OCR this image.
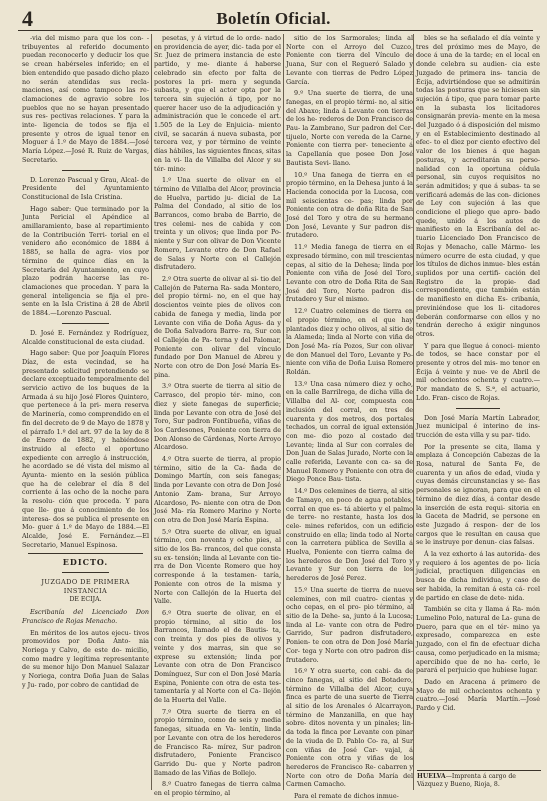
4	Boletín Oficial.

-via del mismo para que los con- -tribuyentes al referido documento puedan reconocerlo y deducir los que se crean habérseles inferido; en el bien entendido que pasado dicho plazo no serán atendidas sus recla- maciones, así como tampoco las re- clamaciones de agravio sobre los pueblos que no se hayan presentado sus res- pectivas relaciones. Y para la inte- ligencia de todos se fija el presente y otros de igual tenor en Moguer á 1.º de Mayo de 1884.—José María López.—José R. Ruiz de Vargas, Secretario.

D. Lorenzo Pascual y Grau, Alcal- de Presidente del Ayuntamiento Constitucional de Isla Cristina.

Hago saber: Que terminado por la Junta Pericial el Apéndice al amillaramiento, base al repartimiento de la Contribución Terri- torial en el venidero año económico de 1884 á 1885, se halla de agra- vios por término de quince días en la Secretaría del Ayuntamiento, en cuyo plazo podrán hacerse las re- clamaciones que procedan. Y para la general inteligencia se fija el pre- sente en la Isla Cristina á 28 de Abril de 1884.—Lorenzo Pascual.

D. José E. Fernández y Rodríguez, Alcalde constitucional de esta ciudad.

Hago saber: Que por Joaquín Flores Díaz, de esta vecindad, se ha presentado solicitud pretendiendo se declare exceptuado temporalmente del servicio activo de los buques de la Armada á su hijo José Flores Quintero, que pertenece á la pri- mera reserva de Marinería, como comprendido en el fin del decreto de 9 de Mayo de 1878 y el párrafo 1.º del art. 97 de la ley de 8 de Enero de 1882, y habiéndose instruido al efecto el oportuno expediente con arreglo á instrucción, he acordado se dé vista del mismo al Ayunta- miento en la sesión pública que ha de celebrar el día 8 del corriente á las ocho de la noche para la resolu- ción que proceda. Y para que lle- gue á conocimiento de los interesa- dos se publica el presente en Mo- guer á 1.º de Mayo de 1884.—El Alcalde, José E. Fernández.—El Secretario, Manuel Espinosa.

EDICTO.
JUZGADO DE PRIMERA INSTANCIA
DE ECIJA.

Escribanía del Licenciado Don Francisco de Rojas Menacho.

En méritos de los autos ejecu- tivos promovidos por Doña Anto- nia Noriega y Calvo, de este do- micilio, como madre y legítima representante de su menor hijo Don Manuel Salazar y Noriega, contra Doña Juan de Salas y Ju- rado, por cobro de cantidad de

pesetas, y á virtud de lo orde- nado en providencia de ayer, dic- tada por el Sr. Juez de primera instancia de este partido, y me- diante á haberse celebrado sin efecto por falta de postores la pri- mera y segunda subasta, y que el actor opta por la tercera sin sujeción á tipo, por no querer hacer uso de la adjudicación y administración que le concede el art. 1.505 de la Ley de Enjuicia- miento civil, se sacarán á nueva subasta, por tercera vez, y por término de veinte días hábiles, las siguientes fincas, sitas en la vi- lla de Villalba del Alcor y su tér- mino:

1.º Una suerte de olivar en el término de Villalba del Alcor, provincia de Huelva, partido ju- dicial de La Palma del Condado, al sitio de los Barrancos, como braba de Barrio, de tres celemi- nes de cabida y con treinta y un olivos; que linda por Po- niente y Sur con olivar de Don Vicente Romero, Levante otro de Don Rafael de Salas y Norte con el Callejón disfrutadero.

2.º Otra suerte de olivar al si- tio del Callejón de Paterna Ra- sada Montero, del propio térmi- no, en el que hay doscientos veinte pies de olivos con cabida de fanega y media, linda por Levante con viña de Doña Agus- da y de Doña Salvadora Barre- ra, Sur con el Callejón de Pa- terna y del Palomar, Poniente con olivar del vínculo fundado por Don Manuel de Abreu y Norte con otro de Don José María Es- pina.

3.º Otra suerte de tierra al sitio de Carrasco, del propio tér- mino, con diez y siete fanegas de superficie; linda por Levante con otra de José del Toro, Sur padron Fontibueña, viñas de los Cardesones, Poniente con tierra de Don Alonso de Cárdenas, Norte Arroyo Alcardoso.

4.º Otra suerte de tierra, al propio término, sitio de la Ca- ñada de Domingo Martín, con seis fanegas; linda por Levante con otra de Don José Antonio Zam- brana, Sur Arroyo Alcardoso, Po- niente con otra de Don José Ma- ría Romero Marino y Norte con otra de Don José María Espina.

5.º Otra suerte de olivar, en igual término, con noventa y ocho pies, al sitio de los Ba- rrancos, del que consta su ex- tensión; linda al Levante con tie- rra de Don Vicente Romero que hoy corresponde á la testamen- taría, Poniente con otros de la misma y Norte con Callejón de la Huerta del Valle.

6.º Otra suerte de olivar, en el propio término, al sitio de los Barrancos, llamado el de Bautis- ta, con treinta y dos pies de olivos y veinte y dos marras, sin que se exprese su extensión; linda por Levante con otra de Don Francisco Domínguez, Sur con el Don José María Espina, Poniente con otra de esta tes- tamentaría y al Norte con el Ca- llejón de la Huerta del Valle.

7.º Otra suerte de tierra en el propio término, como de seis y media fanegas, situada en Va- lentín, linda por Levante con otra de los herederos de Francisco Ra- mírez, Sur padron disfrutadero, Poniente Francisco Garrido Du- que y Norte padron llamado de las Viñas de Bollejo.

8.º Cuatro fanegas de tierra calma en el propio término, al

sitio de los Sarmorales; linda al Norte con el Arroyo del Cuzco, Poniente con tierra del Vínculo de Juana, Sur con el Regueró Salado y Levante con tierras de Pedro López García.

9.º Una suerte de tierra, de una fanegas, en el propio térmi- no, al sitio del Abaxo; linda á Levante con tierras de los he- rederos de Don Francisco de Pau- la Zambrano, Sur padron del Cer- tijuelo, Norte con vereda de la Carne, Poniente con tierra per- teneciente á la Capellanía que posee Don José Bautista Sevi- llano.

10.º Una fanega de tierra en el propio término, en la Dehesa junto á la Hacienda conocida por la Lucosa, con mil seiscientas ce- pas; linda por Poniente con otra de doña Rita de San José del Toro y otra de su hermano Don José, Levante y Sur padron dis- frutadero.

11.º Media fanega de tierra en el expresado término, con mil trescientas cepas, al sitio de la Dehesa; linda por Poniente con viña de José del Toro, Levante con otro de Doña Rita de San José del Toro, Norte padron dis- frutadero y Sur el mismo.

12.º Cuatro celemines de tierra en el propio término, en el que hay plantados diez y ocho olivos, al sitio de la Alameda; linda al Norte con viña de Don José Ma- ría Pozos, Sur con olivar de don Manuel del Toro, Levante y Po- niente con viña de Doña Luisa Romero Roldán.

13.º Una casa número diez y ocho, en la calle Barrilrega, de dicha villa de Villalba del Al- cor, compuesta con inclusión del corral, en tres de cuarenta y dos metros, dos portales techados, un corral de igual extensión con me- dio pozo al costado del Levante; linda al Sur con corrales de Don Juan de Salas Jurado, Norte con la calle referida, Levante con ca- sa de Manuel Romero y Poniente con otra de Diego Ponce Bau- tista.

14.º Dos celemines de tierra, al sitio de Tamayo, en poco de agua potables, corral en que es- tá abierto y el palmo de terre- no restante, hasta los dos cele- mines referidos, con un edificio construido en ella; linda todo al Norte con la carretera pública de Sevilla á Huelva, Poniente con tierra calma de los herederos de Don José del Toro y Levante y Sur con tierra de los herederos de José Perez.

15.º Una suerte de tierra de nueve celemines, con mil cuatro- cientas y ocho cepas, en el pro- pio término, al sitio de la Dehe- sa, junto á la Lucosa; linda al Le- vante con otra de Pedro Garrido, Sur padron disfrutadero, Ponien- te con otra de Don José María Cor- tega y Norte con otro padron dis- frutadero.

16.º Y otra suerte, con cabi- da de cinco fanegas, al sitio del Botadero, término de Villalba del Alcor, cuya finca es parte de una suerte de Tierra al sitio de los Arenales ó Alcarrayon, término de Manzanilla, en que hay sobre- ditos noventa y un pinales; lin- da toda la finca por Levante con pinar de la viuda de D. Pablo Co- ra, al Sur con viñas de José Car- vajal, á Poniente con otra y viñas de los herederos de Francisco Re- cabarren y Norte con otro de Doña María del Carmen Camacho.

Para el remate de dichos inmue-

bles se ha señalado el día veinte y tres del próximo mes de Mayo, de doce á una de la tarde; en el local en donde celebra su audien- cia este Juzgado de primera ins- tancia de Écija, advirtiéndose que se admitirán todas las posturas que se hiciesen sin sujeción á tipo, que para tomar parte en la subasta los licitadores consignarán previa- mente en la mesa del Juzgado ó á disposición del mismo y en el Establecimiento destinado al efec- to el diez por ciento efectivo del valor de los bienes á que hagan posturas, y acreditarán su perso- nalidad con la oportuna cédula personal, sin cuyos requisitos no serán admitidos; y que á subas- ta se verificará además de las con- diciones de Ley con sujeción á las que condicione el pliego que apro- bado quede, unido á los autos de manifiesto en la Escribanía del ac- tuario Licenciado Don Francisco de Rojas y Menacho, calle Mármo- les número ocurre de esta ciudad, y que los títulos de dichos inmue- bles están suplidos por una certifi- cación del Registro de la propie- dad correspondiente, que también están de manifiesto en dicha Es- cribanía, previniéndose que los li- citadores deberán conformarse con ellos y no tendrán derecho á exigir ningunos otros.

Y para que llegue á conoci- miento de todos, se hace constar por el presente y otros del mis- mo tenor en Écija á veinte y nue- ve de Abril de mil ochocientos ochenta y cuatro.—Por mandato de S. S.ª, el actuario, Ldo. Fran- cisco de Rojas.

Don José María Martín Labrador, Juez municipal é interino de ins- trucción de esta villa y su par- tido.

Por la presente se cita, llama y emplaza á Concepción Cabezas de la Rosa, natural de Santa Fe, de cuarenta y un años de edad, viuda y cuyas demás circunstancias y se- ñas personales se ignoran, para que en el término de diez días, á contar desde la inserción de esta requi- sitoria en la Gaceta de Madrid, se persone en este Juzgado á respon- der de los cargos que le resultan en causa que se le instruye por denun- cias falsas.

Á la vez exhorto á las autorida- des y requiero á los agentes de po- licía judicial, practiquen diligencias en busca de dicha individua, y caso de ser habida, la remitan á esta cá- rcel de partido en clase de dete- nida.

También se cita y llama á Ra- món Lumelino Polo, natural de La- guna de Duero, para que en el tér- mino ya expresado, comparezca en este Juzgado, con el fin de efectuar dicha causa, como perjudicado en la misma; apercibido que de no ha- cerlo, le parará el perjuicio que hubiese lugar.

Dado en Aracena á primero de Mayo de mil ochocientos ochenta y cuatro.—José María Martín.—José Pardo y Cid.

HUELVA—Imprenta á cargo de Vázquez y Bueno, Rioja, 8.
